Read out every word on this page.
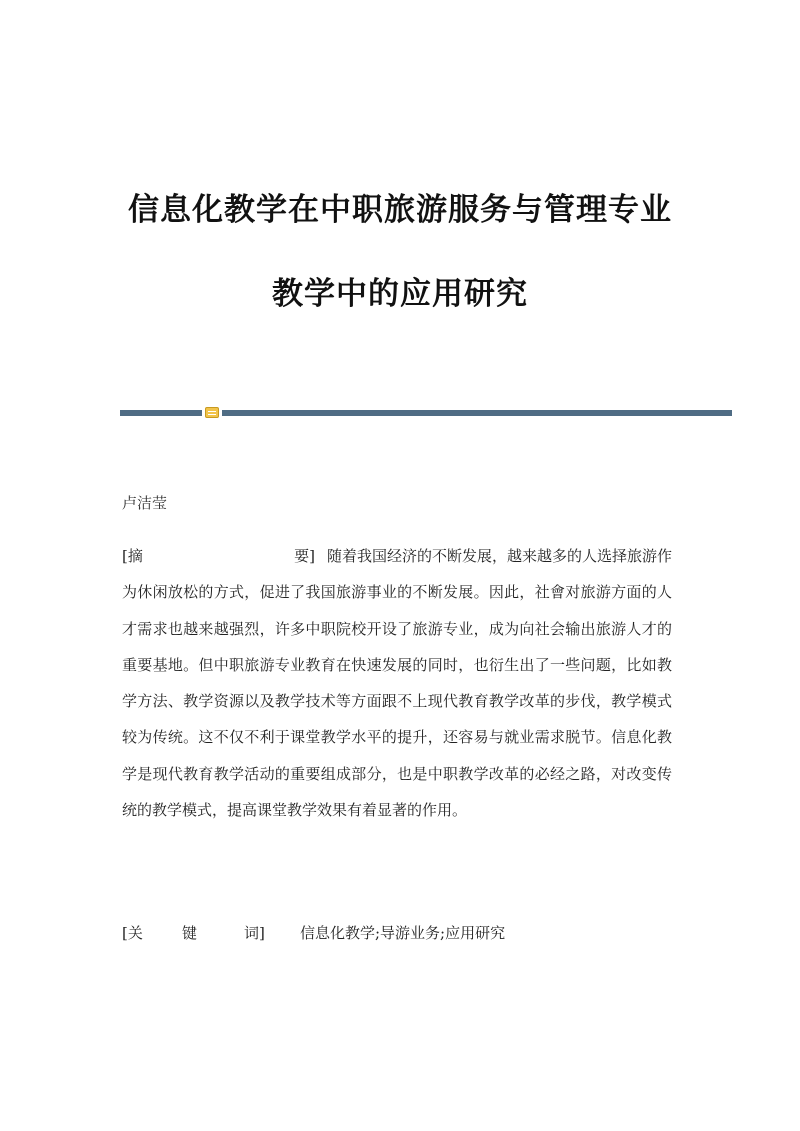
信息化教学在中职旅游服务与管理专业
教学中的应用研究

卢洁莹

[摘	要] 随着我国经济的不断发展，越来越多的人选择旅游作为休闲放松的方式，促进了我国旅游事业的不断发展。因此，社會对旅游方面的人才需求也越来越强烈，许多中职院校开设了旅游专业，成为向社会输出旅游人才的重要基地。但中职旅游专业教育在快速发展的同时，也衍生出了一些问题，比如教学方法、教学资源以及教学技术等方面跟不上现代教育教学改革的步伐，教学模式较为传统。这不仅不利于课堂教学水平的提升，还容易与就业需求脱节。信息化教学是现代教育教学活动的重要组成部分，也是中职教学改革的必经之路，对改变传统的教学模式，提高课堂教学效果有着显著的作用。

[关	键	词] 信息化教学;导游业务;应用研究
